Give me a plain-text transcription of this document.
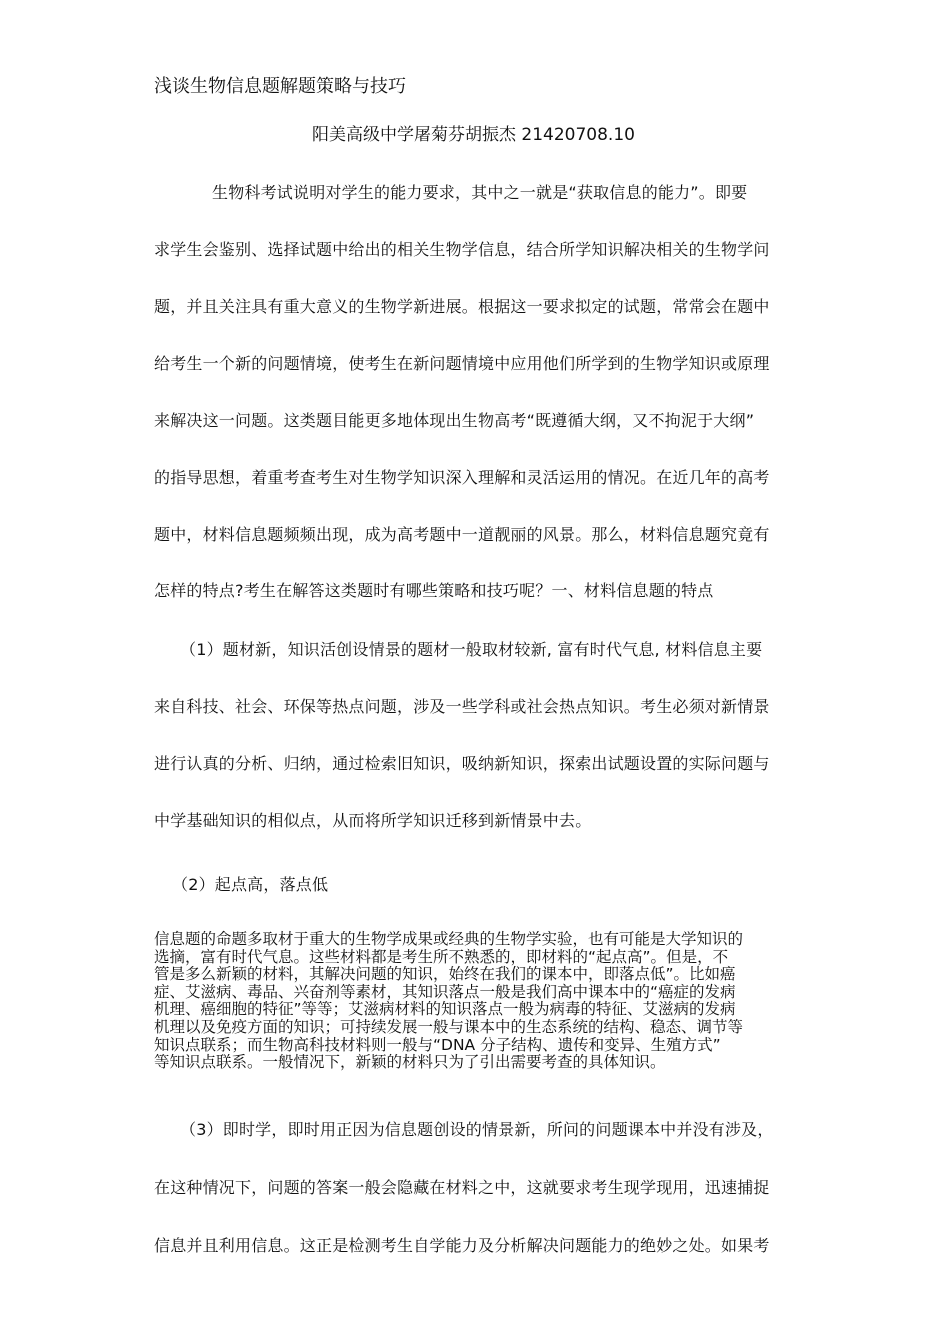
浅谈生物信息题解题策略与技巧
阳美高级中学屠菊芬胡振杰 21420708.10
生物科考试说明对学生的能力要求，其中之一就是“获取信息的能力”。即要
求学生会鉴别、选择试题中给出的相关生物学信息，结合所学知识解决相关的生物学问
题，并且关注具有重大意义的生物学新进展。根据这一要求拟定的试题，常常会在题中
给考生一个新的问题情境，使考生在新问题情境中应用他们所学到的生物学知识或原理
来解决这一问题。这类题目能更多地体现出生物高考“既遵循大纲，又不拘泥于大纲”
的指导思想，着重考查考生对生物学知识深入理解和灵活运用的情况。在近几年的高考
题中，材料信息题频频出现，成为高考题中一道靓丽的风景。那么，材料信息题究竟有
怎样的特点?考生在解答这类题时有哪些策略和技巧呢？一、材料信息题的特点
（1）题材新，知识活创设情景的题材一般取材较新, 富有时代气息, 材料信息主要
来自科技、社会、环保等热点问题，涉及一些学科或社会热点知识。考生必须对新情景
进行认真的分析、归纳，通过检索旧知识，吸纳新知识，探索出试题设置的实际问题与
中学基础知识的相似点，从而将所学知识迁移到新情景中去。
（2）起点高，落点低
信息题的命题多取材于重大的生物学成果或经典的生物学实验，也有可能是大学知识的
选摘，富有时代气息。这些材料都是考生所不熟悉的，即材料的“起点高”。但是，不
管是多么新颖的材料，其解决问题的知识，始终在我们的课本中，即落点低”。比如癌
症、艾滋病、毒品、兴奋剂等素材，其知识落点一般是我们高中课本中的“癌症的发病
机理、癌细胞的特征”等等；艾滋病材料的知识落点一般为病毒的特征、艾滋病的发病
机理以及免疫方面的知识；可持续发展一般与课本中的生态系统的结构、稳态、调节等
知识点联系；而生物高科技材料则一般与“DNA 分子结构、遗传和变异、生殖方式”
等知识点联系。一般情况下，新颖的材料只为了引出需要考查的具体知识。
（3）即时学，即时用正因为信息题创设的情景新，所问的问题课本中并没有涉及，
在这种情况下，问题的答案一般会隐藏在材料之中，这就要求考生现学现用，迅速捕捉
信息并且利用信息。这正是检测考生自学能力及分析解决问题能力的绝妙之处。如果考
